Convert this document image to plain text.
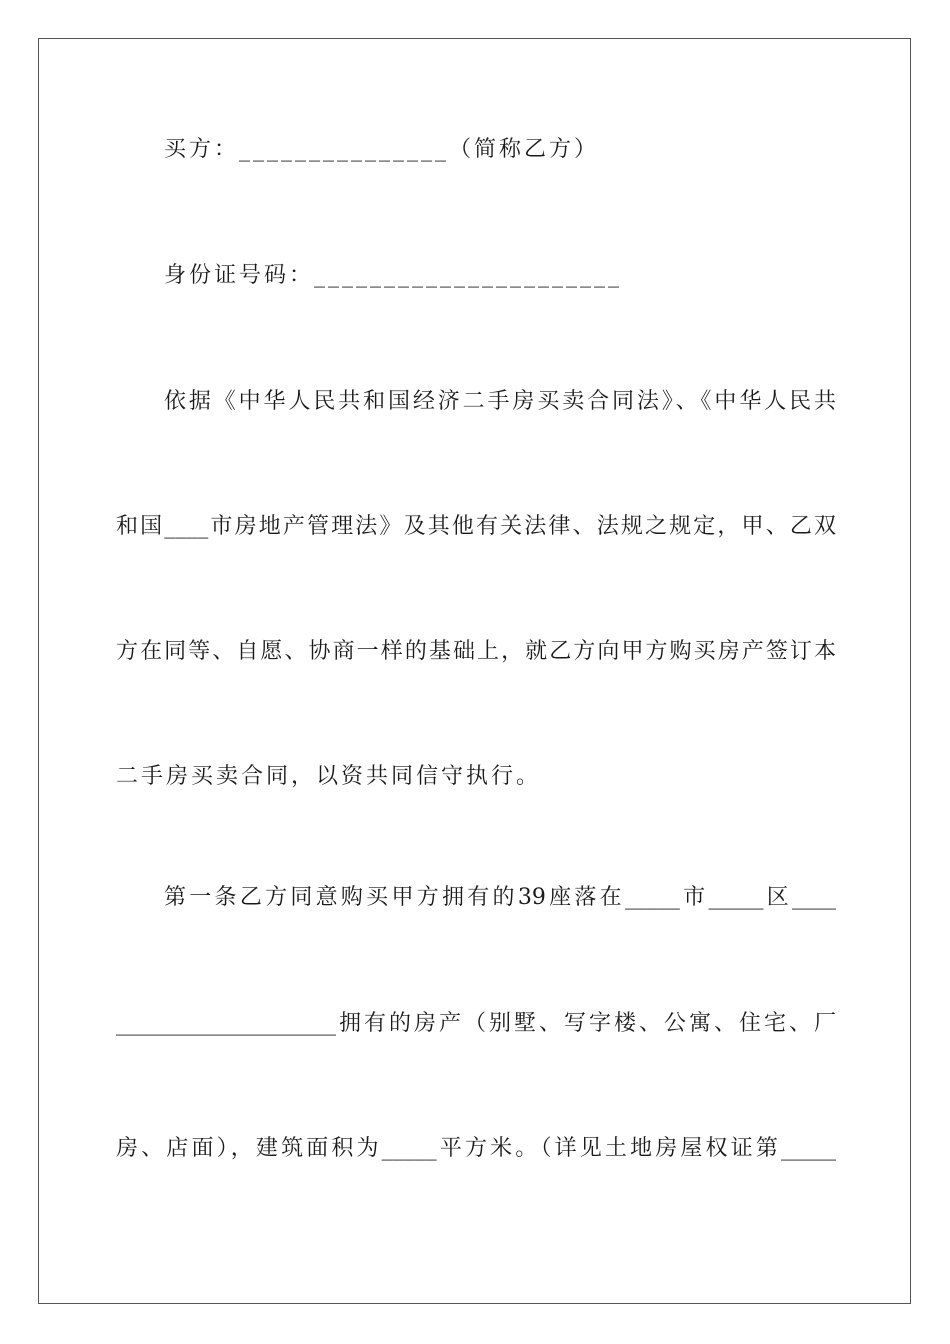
买方：_______________（简称乙方）
身份证号码：______________________
依据《中华人民共和国经济二手房买卖合同法》、《中华人民共
和国____市房地产管理法》及其他有关法律、法规之规定，甲、乙双
方在同等、自愿、协商一样的基础上，就乙方向甲方购买房产签订本
二手房买卖合同，以资共同信守执行。
第一条乙方同意购买甲方拥有的39座落在_____市_____区____
____________________拥有的房产（别墅、写字楼、公寓、住宅、厂
房、店面），建筑面积为_____平方米。（详见土地房屋权证第_____
